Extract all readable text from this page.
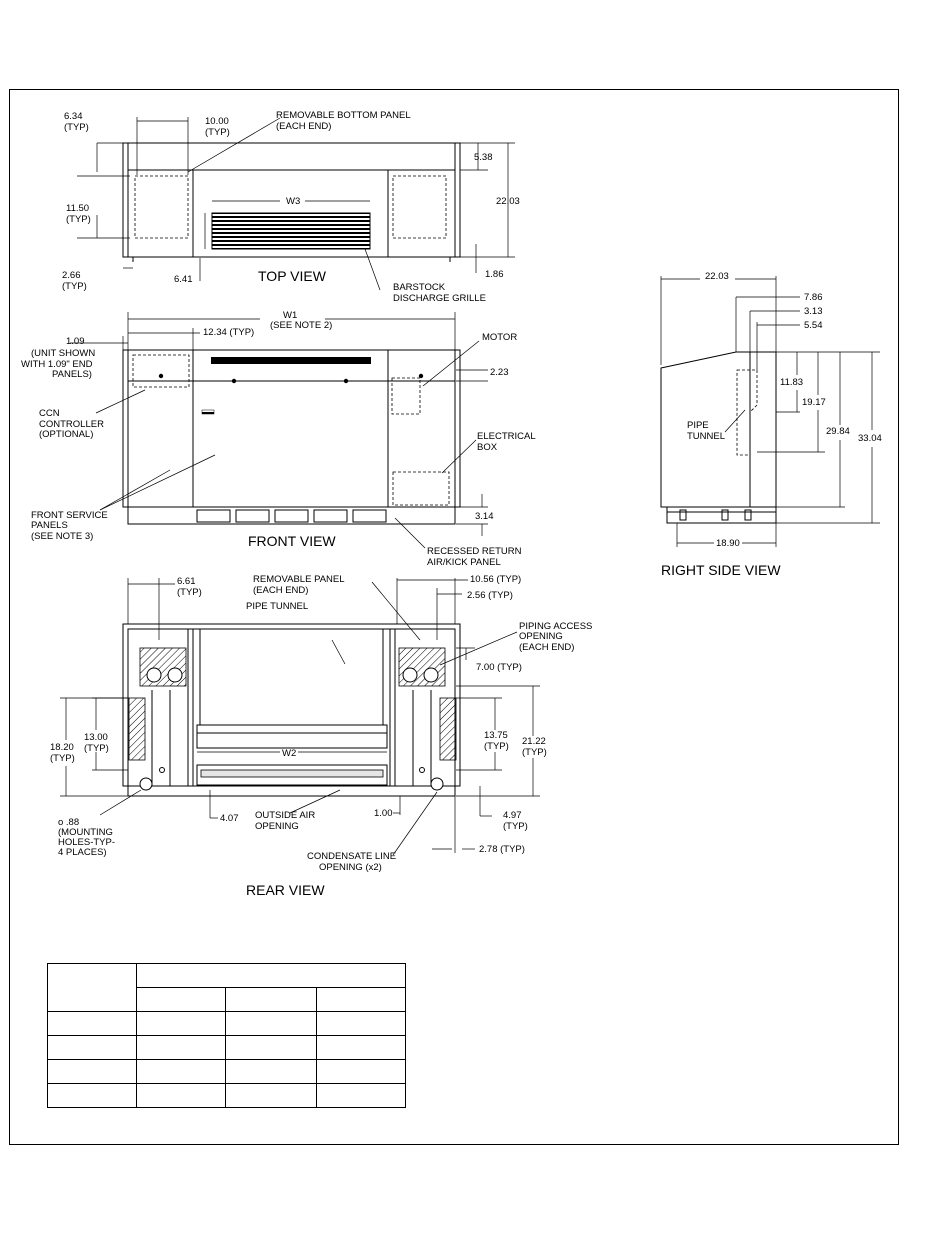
TOP VIEW
6.34
(TYP)
10.00
(TYP)
REMOVABLE BOTTOM PANEL
(EACH END)
5.38
22.03
11.50
(TYP)
W3
2.66
(TYP)
6.41	1.86
BARSTOCK
DISCHARGE GRILLE
FRONT VIEW
W1
(SEE NOTE 2)
1.09
12.34 (TYP)
(UNIT SHOWN
WITH 1.09" END
PANELS)
MOTOR
2.23
CCN
CONTROLLER
(OPTIONAL)	ELECTRICAL
BOX
FRONT SERVICE
PANELS
(SEE NOTE 3)
3.14
RECESSED RETURN
AIR/KICK PANEL
REAR VIEW
6.61
(TYP)
REMOVABLE PANEL
(EACH END)
PIPE TUNNEL
10.56 (TYP)
2.56 (TYP)
PIPING ACCESS
OPENING
(EACH END)
7.00 (TYP)
13.00
(TYP)
18.20
(TYP)	W2
13.75
(TYP) 21.22
(TYP)
o .88
(MOUNTING
HOLES-TYP-
4 PLACES)
4.07 OUTSIDE AIR
OPENING
1.00	4.97
(TYP)
CONDENSATE LINE
OPENING (x2)
2.78 (TYP)
RIGHT SIDE VIEW
22.03
7.86
3.13
5.54
11.83
19.17
29.84
33.04
PIPE
TUNNEL
18.90
